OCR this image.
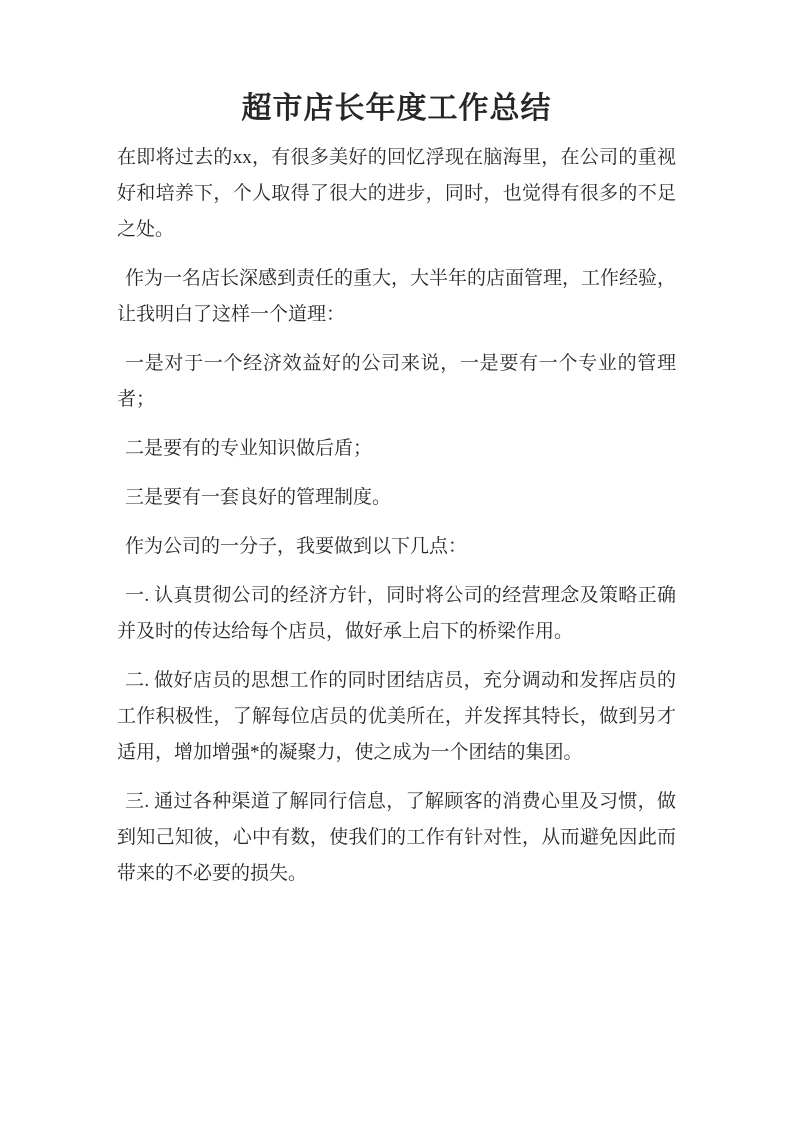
超市店长年度工作总结

在即将过去的xx，有很多美好的回忆浮现在脑海里，在公司的重视好和培养下，个人取得了很大的进步，同时，也觉得有很多的不足之处。

作为一名店长深感到责任的重大，大半年的店面管理，工作经验，让我明白了这样一个道理：

一是对于一个经济效益好的公司来说，一是要有一个专业的管理者；

二是要有的专业知识做后盾；

三是要有一套良好的管理制度。

作为公司的一分子，我要做到以下几点：

一. 认真贯彻公司的经济方针，同时将公司的经营理念及策略正确并及时的传达给每个店员，做好承上启下的桥梁作用。

二. 做好店员的思想工作的同时团结店员，充分调动和发挥店员的工作积极性，了解每位店员的优美所在，并发挥其特长，做到另才适用，增加增强*的凝聚力，使之成为一个团结的集团。

三. 通过各种渠道了解同行信息，了解顾客的消费心里及习惯，做到知己知彼，心中有数，使我们的工作有针对性，从而避免因此而带来的不必要的损失。
